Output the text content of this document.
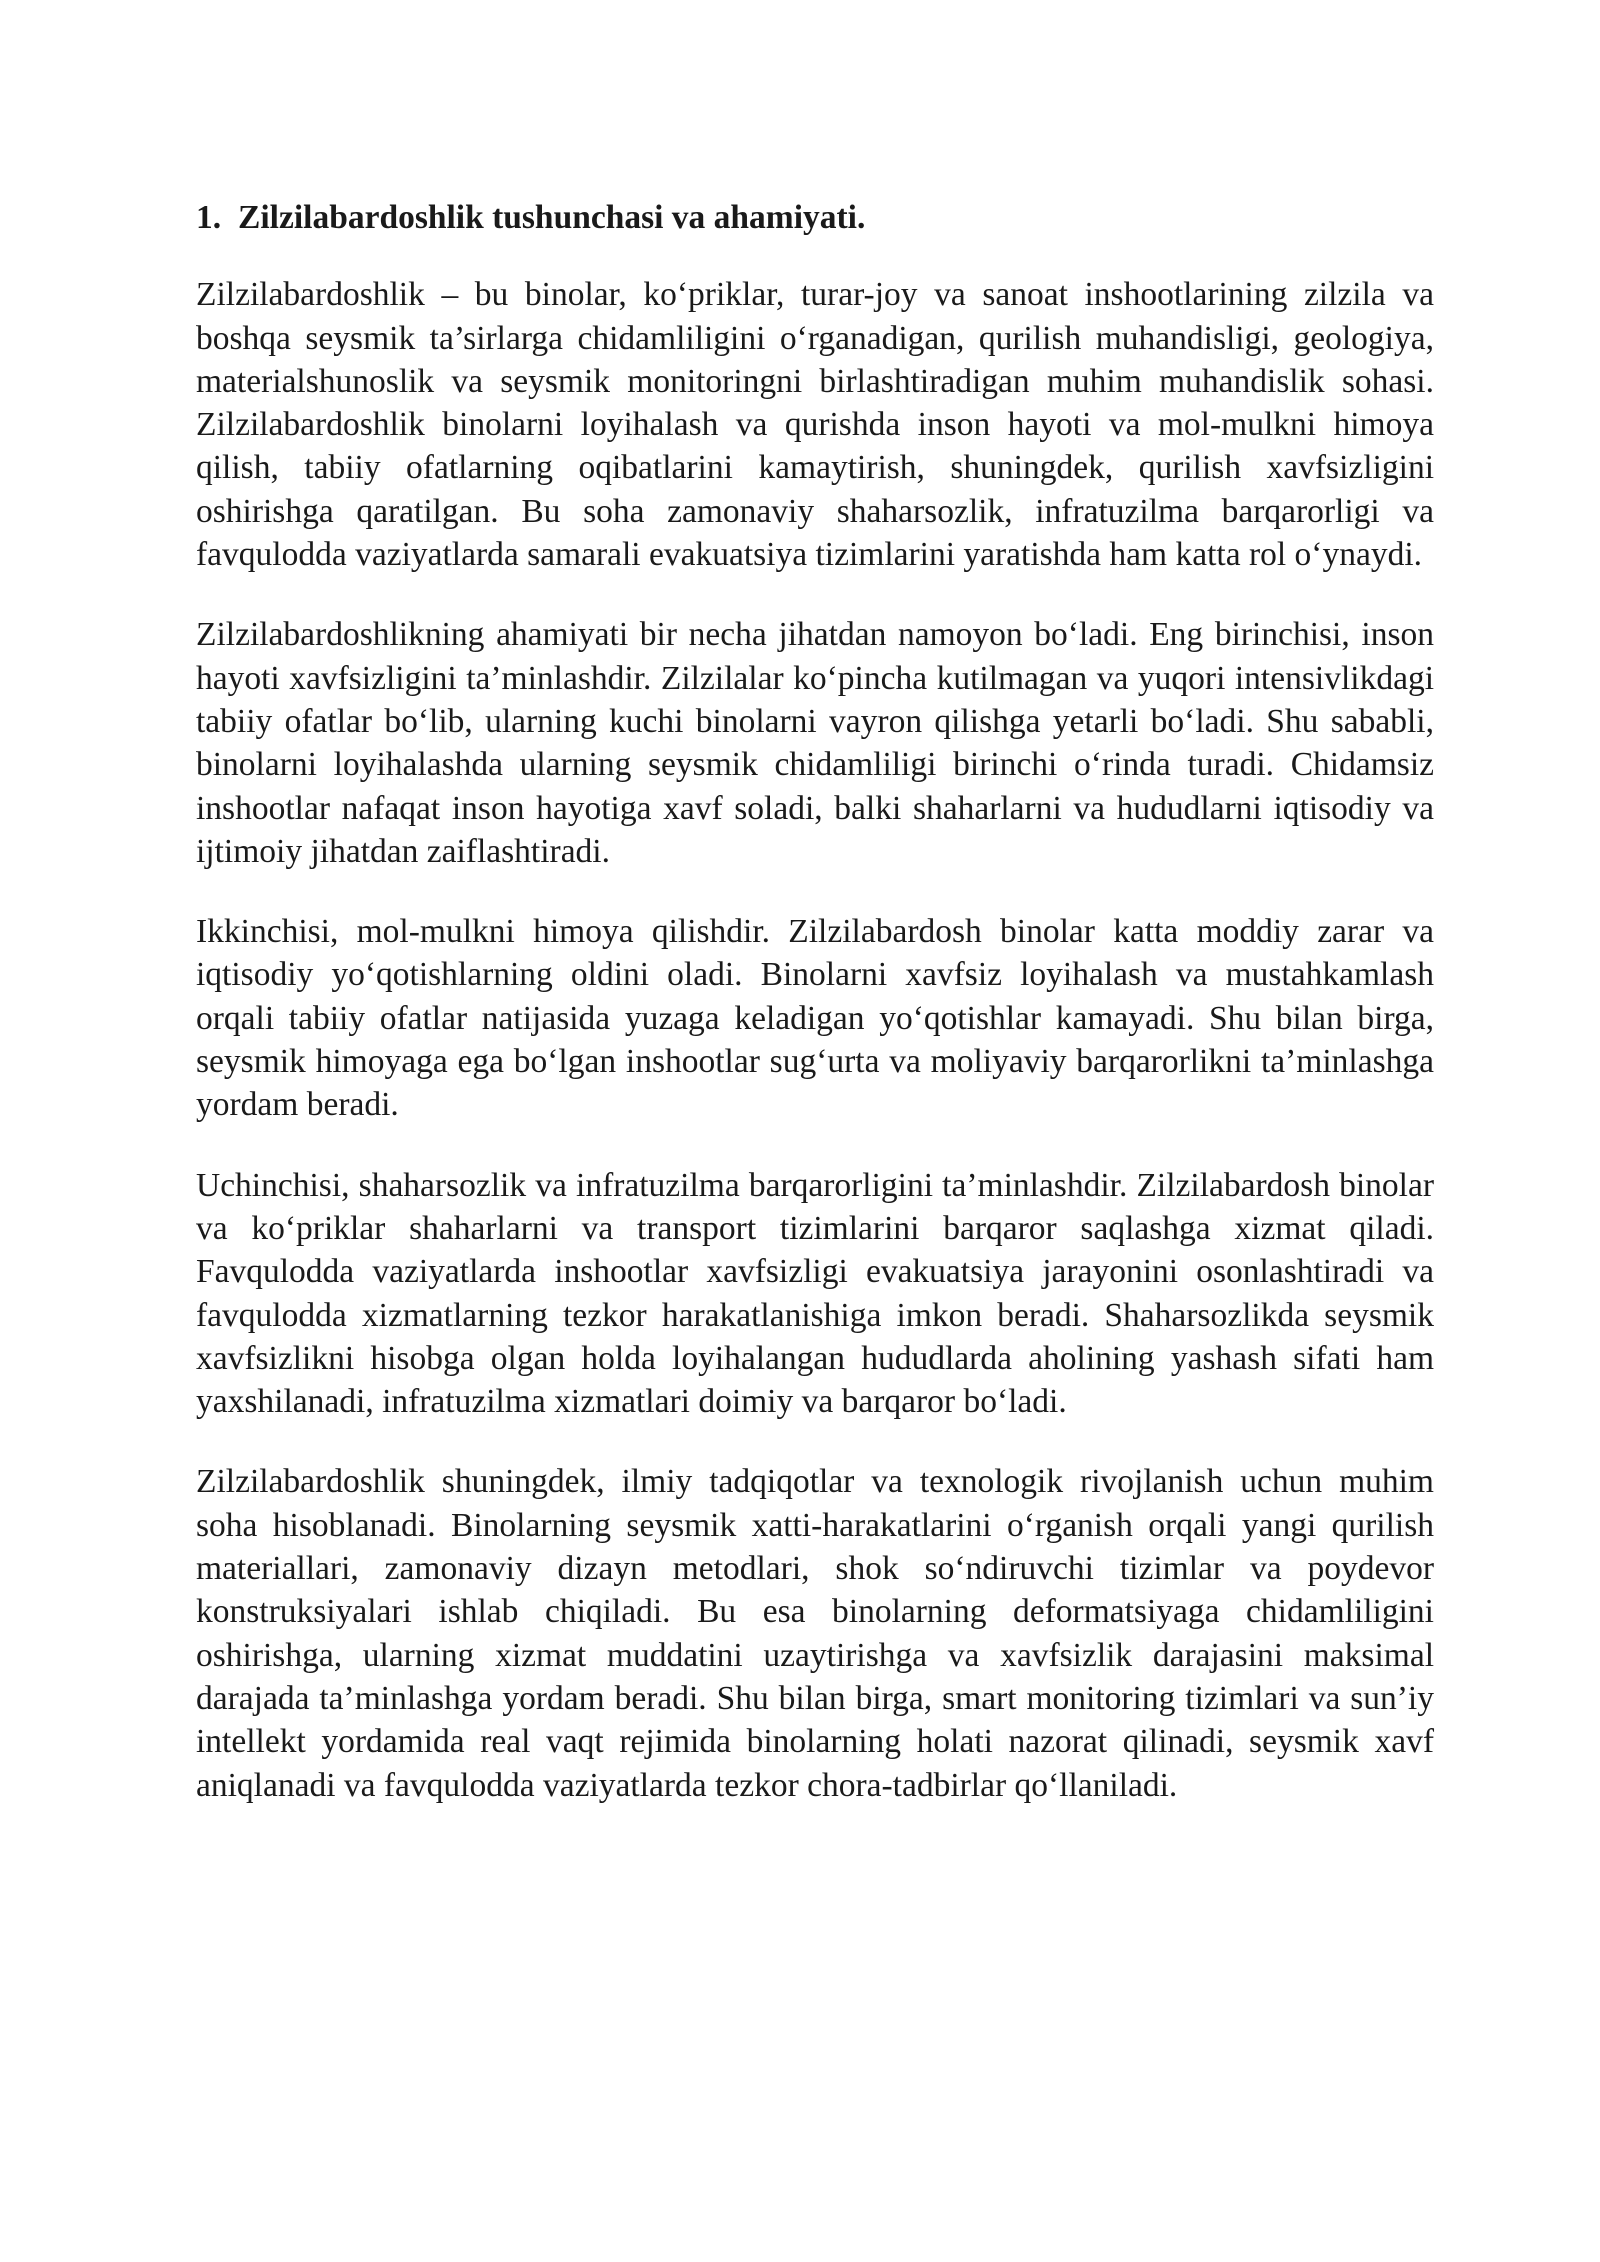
1. Zilzilabardoshlik tushunchasi va ahamiyati.

Zilzilabardoshlik – bu binolar, ko‘priklar, turar-joy va sanoat inshootlarining zilzila va boshqa seysmik ta’sirlarga chidamliligini o‘rganadigan, qurilish muhandisligi, geologiya, materialshunoslik va seysmik monitoringni birlashtiradigan muhim muhandislik sohasi. Zilzilabardoshlik binolarni loyihalash va qurishda inson hayoti va mol-mulkni himoya qilish, tabiiy ofatlarning oqibatlarini kamaytirish, shuningdek, qurilish xavfsizligini oshirishga qaratilgan. Bu soha zamonaviy shaharsozlik, infratuzilma barqarorligi va favqulodda vaziyatlarda samarali evakuatsiya tizimlarini yaratishda ham katta rol o‘ynaydi.

Zilzilabardoshlikning ahamiyati bir necha jihatdan namoyon bo‘ladi. Eng birinchisi, inson hayoti xavfsizligini ta’minlashdir. Zilzilalar ko‘pincha kutilmagan va yuqori intensivlikdagi tabiiy ofatlar bo‘lib, ularning kuchi binolarni vayron qilishga yetarli bo‘ladi. Shu sababli, binolarni loyihalashda ularning seysmik chidamliligi birinchi o‘rinda turadi. Chidamsiz inshootlar nafaqat inson hayotiga xavf soladi, balki shaharlarni va hududlarni iqtisodiy va ijtimoiy jihatdan zaiflashtiradi.

Ikkinchisi, mol-mulkni himoya qilishdir. Zilzilabardosh binolar katta moddiy zarar va iqtisodiy yo‘qotishlarning oldini oladi. Binolarni xavfsiz loyihalash va mustahkamlash orqali tabiiy ofatlar natijasida yuzaga keladigan yo‘qotishlar kamayadi. Shu bilan birga, seysmik himoyaga ega bo‘lgan inshootlar sug‘urta va moliyaviy barqarorlikni ta’minlashga yordam beradi.

Uchinchisi, shaharsozlik va infratuzilma barqarorligini ta’minlashdir. Zilzilabardosh binolar va ko‘priklar shaharlarni va transport tizimlarini barqaror saqlashga xizmat qiladi. Favqulodda vaziyatlarda inshootlar xavfsizligi evakuatsiya jarayonini osonlashtiradi va favqulodda xizmatlarning tezkor harakatlanishiga imkon beradi. Shaharsozlikda seysmik xavfsizlikni hisobga olgan holda loyihalangan hududlarda aholining yashash sifati ham yaxshilanadi, infratuzilma xizmatlari doimiy va barqaror bo‘ladi.

Zilzilabardoshlik shuningdek, ilmiy tadqiqotlar va texnologik rivojlanish uchun muhim soha hisoblanadi. Binolarning seysmik xatti-harakatlarini o‘rganish orqali yangi qurilish materiallari, zamonaviy dizayn metodlari, shok so‘ndiruvchi tizimlar va poydevor konstruksiyalari ishlab chiqiladi. Bu esa binolarning deformatsiyaga chidamliligini oshirishga, ularning xizmat muddatini uzaytirishga va xavfsizlik darajasini maksimal darajada ta’minlashga yordam beradi. Shu bilan birga, smart monitoring tizimlari va sun’iy intellekt yordamida real vaqt rejimida binolarning holati nazorat qilinadi, seysmik xavf aniqlanadi va favqulodda vaziyatlarda tezkor chora-tadbirlar qo‘llaniladi.
